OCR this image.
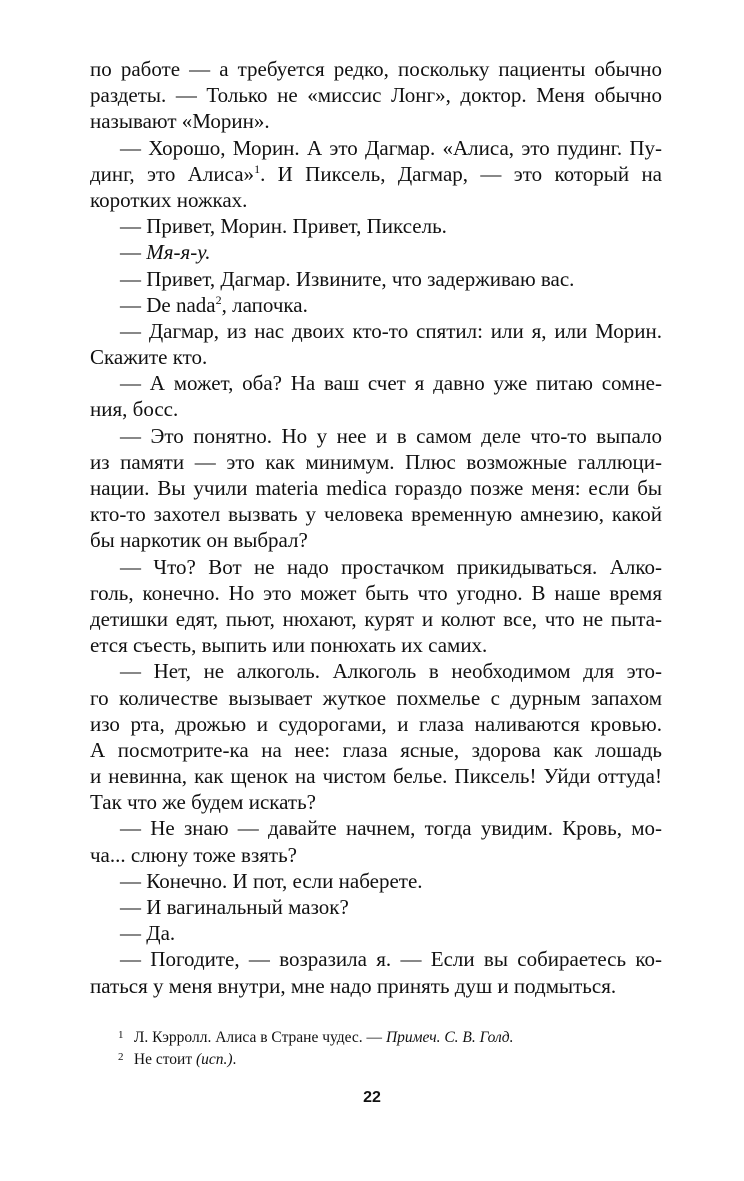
по работе — а требуется редко, поскольку пациенты обычно
раздеты. — Только не «миссис Лонг», доктор. Меня обычно
называют «Морин».
— Хорошо, Морин. А это Дагмар. «Алиса, это пудинг. Пу-
динг, это Алиса»$^1$. И Пиксель, Дагмар, — это который на
коротких ножках.
— Привет, Морин. Привет, Пиксель.
— Мя-я-у.
— Привет, Дагмар. Извините, что задерживаю вас.
— De nada$^2$, лапочка.
— Дагмар, из нас двоих кто-то спятил: или я, или Морин.
Скажите кто.
— А может, оба? На ваш счет я давно уже питаю сомне-
ния, босс.
— Это понятно. Но у нее и в самом деле что-то выпало
из памяти — это как минимум. Плюс возможные галлюци-
нации. Вы учили materia medica гораздо позже меня: если бы
кто-то захотел вызвать у человека временную амнезию, какой
бы наркотик он выбрал?
— Что? Вот не надо простачком прикидываться. Алко-
голь, конечно. Но это может быть что угодно. В наше время
детишки едят, пьют, нюхают, курят и колют все, что не пыта-
ется съесть, выпить или понюхать их самих.
— Нет, не алкоголь. Алкоголь в необходимом для это-
го количестве вызывает жуткое похмелье с дурным запахом
изо рта, дрожью и судорогами, и глаза наливаются кровью.
А посмотрите-ка на нее: глаза ясные, здорова как лошадь
и невинна, как щенок на чистом белье. Пиксель! Уйди оттуда!
Так что же будем искать?
— Не знаю — давайте начнем, тогда увидим. Кровь, мо-
ча... слюну тоже взять?
— Конечно. И пот, если наберете.
— И вагинальный мазок?
— Да.
— Погодите, — возразила я. — Если вы собираетесь ко-
паться у меня внутри, мне надо принять душ и подмыться.
1 Л. Кэрролл. Алиса в Стране чудес. — Примеч. С. В. Голд.
2 Не стоит (исп.).
22
